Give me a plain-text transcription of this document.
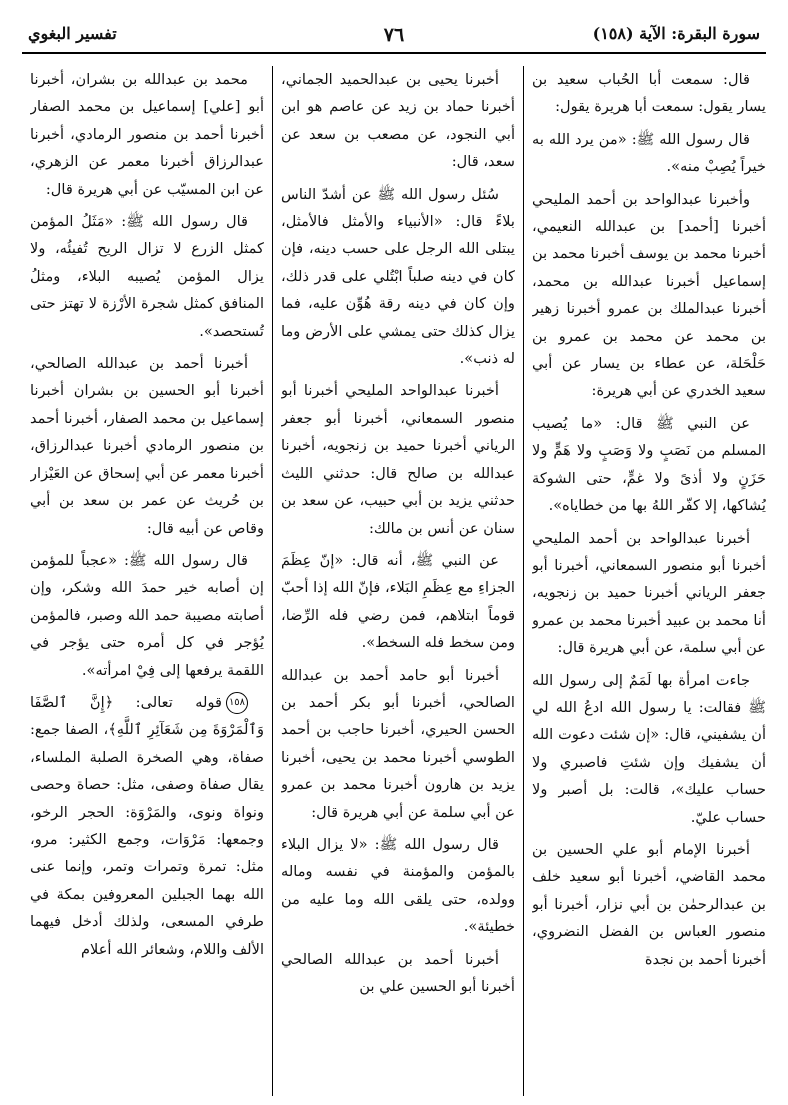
سورة البقرة: الآية (١٥٨)
٧٦
تفسير البغوي

قال: سمعت أبا الحُباب سعيد بن يسار يقول: سمعت أبا هريرة يقول:

قال رسول الله ﷺ: «من يرد الله به خيراً يُصِبْ منه».

وأخبرنا عبدالواحد بن أحمد المليحي أخبرنا [أحمد] بن عبدالله النعيمي، أخبرنا محمد بن يوسف أخبرنا محمد بن إسماعيل أخبرنا عبدالله بن محمد، أخبرنا عبدالملك بن عمرو أخبرنا زهير بن محمد عن محمد بن عمرو بن حَلْحَلة، عن عطاء بن يسار عن أبي سعيد الخدري عن أبي هريرة:

عن النبي ﷺ قال: «ما يُصيب المسلم من نَصَبٍ ولا وَصَبٍ ولا هَمٍّ ولا حَزَنٍ ولا أذىً ولا غمٍّ، حتى الشوكة يُشاكها، إلا كفّر اللهُ بها من خطاياه».

أخبرنا عبدالواحد بن أحمد المليحي أخبرنا أبو منصور السمعاني، أخبرنا أبو جعفر الرياني أخبرنا حميد بن زنجويه، أنا محمد بن عبيد أخبرنا محمد بن عمرو عن أبي سلمة، عن أبي هريرة قال:

جاءت امرأة بها لَمَمٌ إلى رسول الله ﷺ فقالت: يا رسول الله ادعُ الله لي أن يشفيني، قال: «إن شئت دعوت الله أن يشفيك وإن شئتِ فاصبري ولا حساب عليك»، قالت: بل أصبر ولا حساب عليّ.

أخبرنا الإمام أبو علي الحسين بن محمد القاضي، أخبرنا أبو سعيد خلف بن عبدالرحمٰن بن أبي نزار، أخبرنا أبو منصور العباس بن الفضل النضروي، أخبرنا أحمد بن نجدة

أخبرنا يحيى بن عبدالحميد الجماني، أخبرنا حماد بن زيد عن عاصم هو ابن أبي النجود، عن مصعب بن سعد عن سعد، قال:

سُئل رسول الله ﷺ عن أشدّ الناس بلاءً قال: «الأنبياء والأمثل فالأمثل، يبتلى الله الرجل على حسب دينه، فإن كان في دينه صلباً ابْتُلي على قدر ذلك، وإن كان في دينه رقة هُوِّن عليه، فما يزال كذلك حتى يمشي على الأرض وما له ذنب».

أخبرنا عبدالواحد المليحي أخبرنا أبو منصور السمعاني، أخبرنا أبو جعفر الرياني أخبرنا حميد بن زنجويه، أخبرنا عبدالله بن صالح قال: حدثني الليث حدثني يزيد بن أبي حبيب، عن سعد بن سنان عن أنس بن مالك:

عن النبي ﷺ، أنه قال: «إنّ عِظَمَ الجزاءِ مع عِظَمِ البَلاء، فإنّ الله إذا أحبّ قوماً ابتلاهم، فمن رضي فله الرِّضا، ومن سخط فله السخط».

أخبرنا أبو حامد أحمد بن عبدالله الصالحي، أخبرنا أبو بكر أحمد بن الحسن الحيري، أخبرنا حاجب بن أحمد الطوسي أخبرنا محمد بن يحيى، أخبرنا يزيد بن هارون أخبرنا محمد بن عمرو عن أبي سلمة عن أبي هريرة قال:

قال رسول الله ﷺ: «لا يزال البلاء بالمؤمن والمؤمنة في نفسه وماله وولده، حتى يلقى الله وما عليه من خطيئة».

أخبرنا أحمد بن عبدالله الصالحي أخبرنا أبو الحسين علي بن

محمد بن عبدالله بن بشران، أخبرنا أبو [علي] إسماعيل بن محمد الصفار أخبرنا أحمد بن منصور الرمادي، أخبرنا عبدالرزاق أخبرنا معمر عن الزهري، عن ابن المسيّب عن أبي هريرة قال:

قال رسول الله ﷺ: «مَثَلُ المؤمن كمثل الزرع لا تزال الريح تُفيئُه، ولا يزال المؤمن يُصيبه البلاء، ومثلُ المنافق كمثل شجرة الأرْزة لا تهتز حتى تُستحصد».

أخبرنا أحمد بن عبدالله الصالحي، أخبرنا أبو الحسين بن بشران أخبرنا إسماعيل بن محمد الصفار، أخبرنا أحمد بن منصور الرمادي أخبرنا عبدالرزاق، أخبرنا معمر عن أبي إسحاق عن العَيْزار بن حُريث عن عمر بن سعد بن أبي وقاص عن أبيه قال:

قال رسول الله ﷺ: «عجباً للمؤمن إن أصابه خير حمدَ الله وشكر، وإن أصابته مصيبة حمد الله وصبر، فالمؤمن يُؤجر في كل أمره حتى يؤجر في اللقمة يرفعها إلى فِيْ امرأته».

١٥٨قوله تعالى: ﴿إِنَّ ٱلصَّفَا وَٱلْمَرْوَةَ مِن شَعَآئِرِ ٱللَّهِ﴾، الصفا جمع: صفاة، وهي الصخرة الصلبة الملساء، يقال صفاة وصفى، مثل: حصاة وحصى ونواة ونوى، والمَرْوَة: الحجر الرخو، وجمعها: مَرْوَات، وجمع الكثير: مرو، مثل: تمرة وتمرات وتمر، وإنما عنى الله بهما الجبلين المعروفين بمكة في طرفي المسعى، ولذلك أدخل فيهما الألف واللام، وشعائر الله أعلام
